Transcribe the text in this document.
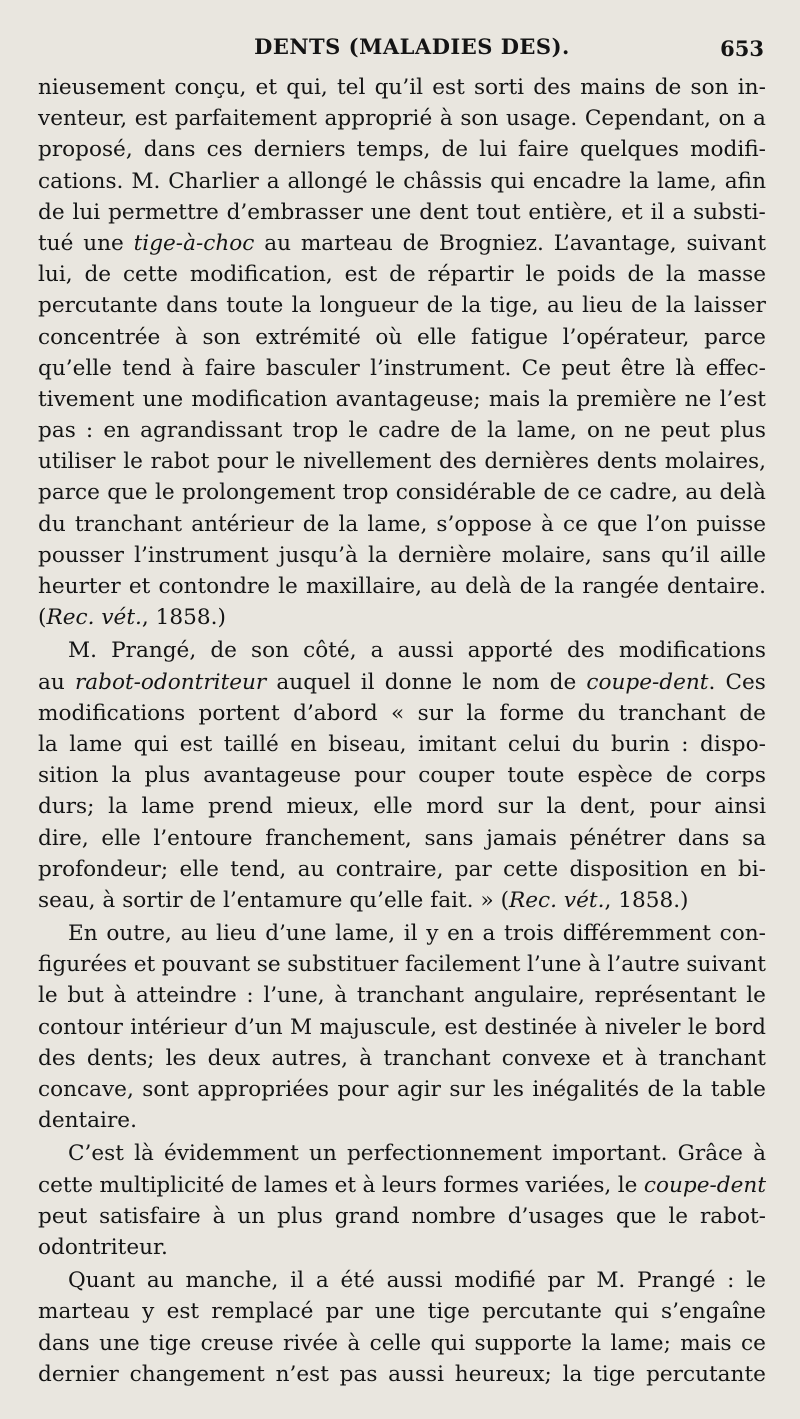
DENTS (MALADIES DES).	653
nieusement conçu, et qui, tel qu’il est sorti des mains de son in-
venteur, est parfaitement approprié à son usage. Cependant, on a
proposé, dans ces derniers temps, de lui faire quelques modifi-
cations. M. Charlier a allongé le châssis qui encadre la lame, afin
de lui permettre d’embrasser une dent tout entière, et il a substi-
tué une tige-à-choc au marteau de Brogniez. L’avantage, suivant
lui, de cette modification, est de répartir le poids de la masse
percutante dans toute la longueur de la tige, au lieu de la laisser
concentrée à son extrémité où elle fatigue l’opérateur, parce
qu’elle tend à faire basculer l’instrument. Ce peut être là effec-
tivement une modification avantageuse; mais la première ne l’est
pas : en agrandissant trop le cadre de la lame, on ne peut plus
utiliser le rabot pour le nivellement des dernières dents molaires,
parce que le prolongement trop considérable de ce cadre, au delà
du tranchant antérieur de la lame, s’oppose à ce que l’on puisse
pousser l’instrument jusqu’à la dernière molaire, sans qu’il aille
heurter et contondre le maxillaire, au delà de la rangée dentaire.
(Rec. vét., 1858.)
M. Prangé, de son côté, a aussi apporté des modifications
au rabot-odontriteur auquel il donne le nom de coupe-dent. Ces
modifications portent d’abord « sur la forme du tranchant de
la lame qui est taillé en biseau, imitant celui du burin : dispo-
sition la plus avantageuse pour couper toute espèce de corps
durs; la lame prend mieux, elle mord sur la dent, pour ainsi
dire, elle l’entoure franchement, sans jamais pénétrer dans sa
profondeur; elle tend, au contraire, par cette disposition en bi-
seau, à sortir de l’entamure qu’elle fait. » (Rec. vét., 1858.)
En outre, au lieu d’une lame, il y en a trois différemment con-
figurées et pouvant se substituer facilement l’une à l’autre suivant
le but à atteindre : l’une, à tranchant angulaire, représentant le
contour intérieur d’un M majuscule, est destinée à niveler le bord
des dents; les deux autres, à tranchant convexe et à tranchant
concave, sont appropriées pour agir sur les inégalités de la table
dentaire.
C’est là évidemment un perfectionnement important. Grâce à
cette multiplicité de lames et à leurs formes variées, le coupe-dent
peut satisfaire à un plus grand nombre d’usages que le rabot-
odontriteur.
Quant au manche, il a été aussi modifié par M. Prangé : le
marteau y est remplacé par une tige percutante qui s’engaîne
dans une tige creuse rivée à celle qui supporte la lame; mais ce
dernier changement n’est pas aussi heureux; la tige percutante
